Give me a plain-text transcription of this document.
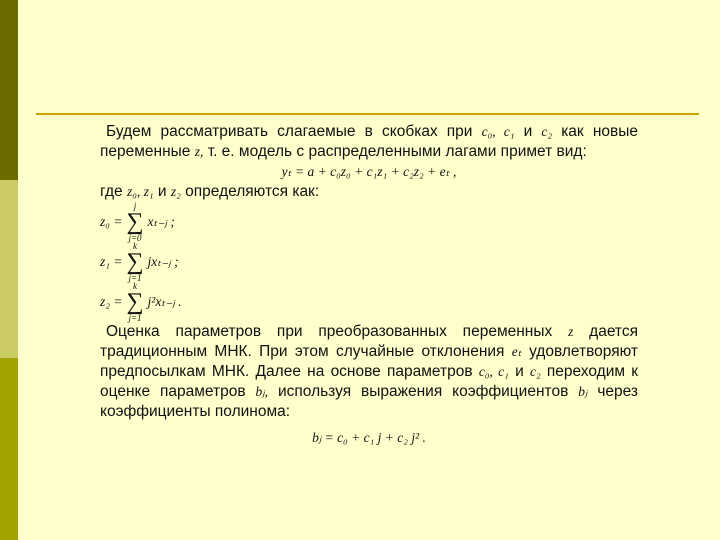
Будем рассматривать слагаемые в скобках при c₀, c₁ и c₂ как новые переменные z, т. е. модель с распределенными лагами примет вид:

yₜ = a + c₀z₀ + c₁z₁ + c₂z₂ + eₜ ,

где z₀, z₁ и z₂ определяются как:

z₀ =
j
∑
j=0
xₜ₋ⱼ
;
z₁ =
k
∑
j=1
jxₜ₋ⱼ
;
z₂ =
k
∑
j=1
j²xₜ₋ⱼ
.

Оценка параметров при преобразованных переменных z дается традиционным МНК. При этом случайные отклонения eₜ удовлетворяют предпосылкам МНК. Далее на основе параметров c₀, c₁ и c₂ переходим к оценке параметров bⱼ, используя выражения коэффициентов bⱼ через коэффициенты полинома:

bⱼ = c₀ + c₁ j + c₂ j² .
